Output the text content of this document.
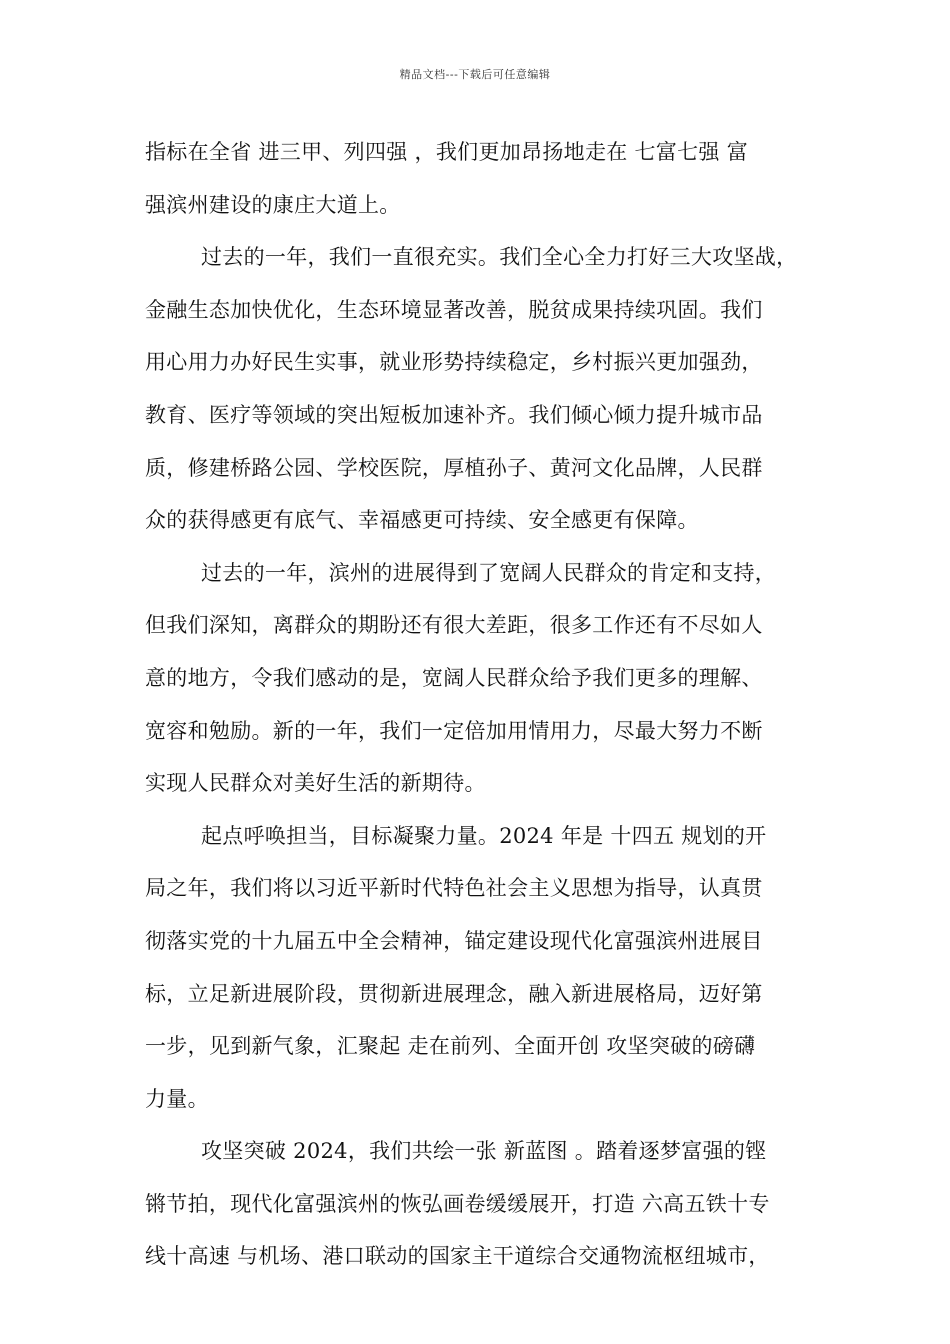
精品文档---下载后可任意编辑
指标在全省 进三甲、列四强 ，我们更加昂扬地走在 七富七强 富
强滨州建设的康庄大道上。
过去的一年，我们一直很充实。我们全心全力打好三大攻坚战，
金融生态加快优化，生态环境显著改善，脱贫成果持续巩固。我们
用心用力办好民生实事，就业形势持续稳定，乡村振兴更加强劲，
教育、医疗等领域的突出短板加速补齐。我们倾心倾力提升城市品
质，修建桥路公园、学校医院，厚植孙子、黄河文化品牌，人民群
众的获得感更有底气、幸福感更可持续、安全感更有保障。
过去的一年，滨州的进展得到了宽阔人民群众的肯定和支持，
但我们深知，离群众的期盼还有很大差距，很多工作还有不尽如人
意的地方，令我们感动的是，宽阔人民群众给予我们更多的理解、
宽容和勉励。新的一年，我们一定倍加用情用力，尽最大努力不断
实现人民群众对美好生活的新期待。
起点呼唤担当，目标凝聚力量。2024 年是 十四五 规划的开
局之年，我们将以习近平新时代特色社会主义思想为指导，认真贯
彻落实党的十九届五中全会精神，锚定建设现代化富强滨州进展目
标，立足新进展阶段，贯彻新进展理念，融入新进展格局，迈好第
一步，见到新气象，汇聚起 走在前列、全面开创 攻坚突破的磅礴
力量。
攻坚突破 2024，我们共绘一张 新蓝图 。踏着逐梦富强的铿
锵节拍，现代化富强滨州的恢弘画卷缓缓展开，打造 六高五铁十专
线十高速 与机场、港口联动的国家主干道综合交通物流枢纽城市，
